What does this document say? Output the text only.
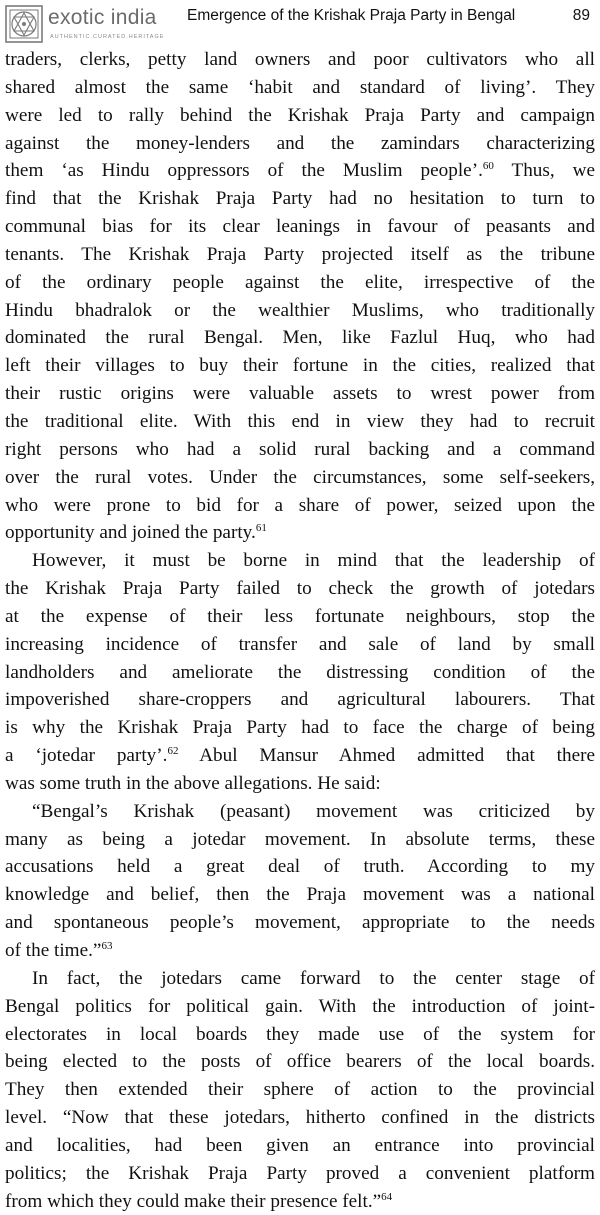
exotic india
AUTHENTIC.CURATED.HERITAGE
Emergence of the Krishak Praja Party in Bengal	89
traders, clerks, petty land owners and poor cultivators who all
shared almost the same ‘habit and standard of living’. They
were led to rally behind the Krishak Praja Party and campaign
against the money-lenders and the zamindars characterizing
them ‘as Hindu oppressors of the Muslim people’.$^{60}$ Thus, we
find that the Krishak Praja Party had no hesitation to turn to
communal bias for its clear leanings in favour of peasants and
tenants. The Krishak Praja Party projected itself as the tribune
of the ordinary people against the elite, irrespective of the
Hindu bhadralok or the wealthier Muslims, who traditionally
dominated the rural Bengal. Men, like Fazlul Huq, who had
left their villages to buy their fortune in the cities, realized that
their rustic origins were valuable assets to wrest power from
the traditional elite. With this end in view they had to recruit
right persons who had a solid rural backing and a command
over the rural votes. Under the circumstances, some self-seekers,
who were prone to bid for a share of power, seized upon the
opportunity and joined the party.$^{61}$
However, it must be borne in mind that the leadership of
the Krishak Praja Party failed to check the growth of jotedars
at the expense of their less fortunate neighbours, stop the
increasing incidence of transfer and sale of land by small
landholders and ameliorate the distressing condition of the
impoverished share-croppers and agricultural labourers. That
is why the Krishak Praja Party had to face the charge of being
a ‘jotedar party’.$^{62}$ Abul Mansur Ahmed admitted that there
was some truth in the above allegations. He said:
“Bengal’s Krishak (peasant) movement was criticized by
many as being a jotedar movement. In absolute terms, these
accusations held a great deal of truth. According to my
knowledge and belief, then the Praja movement was a national
and spontaneous people’s movement, appropriate to the needs
of the time.”$^{63}$
In fact, the jotedars came forward to the center stage of
Bengal politics for political gain. With the introduction of joint-
electorates in local boards they made use of the system for
being elected to the posts of office bearers of the local boards.
They then extended their sphere of action to the provincial
level. “Now that these jotedars, hitherto confined in the districts
and localities, had been given an entrance into provincial
politics; the Krishak Praja Party proved a convenient platform
from which they could make their presence felt.”$^{64}$
